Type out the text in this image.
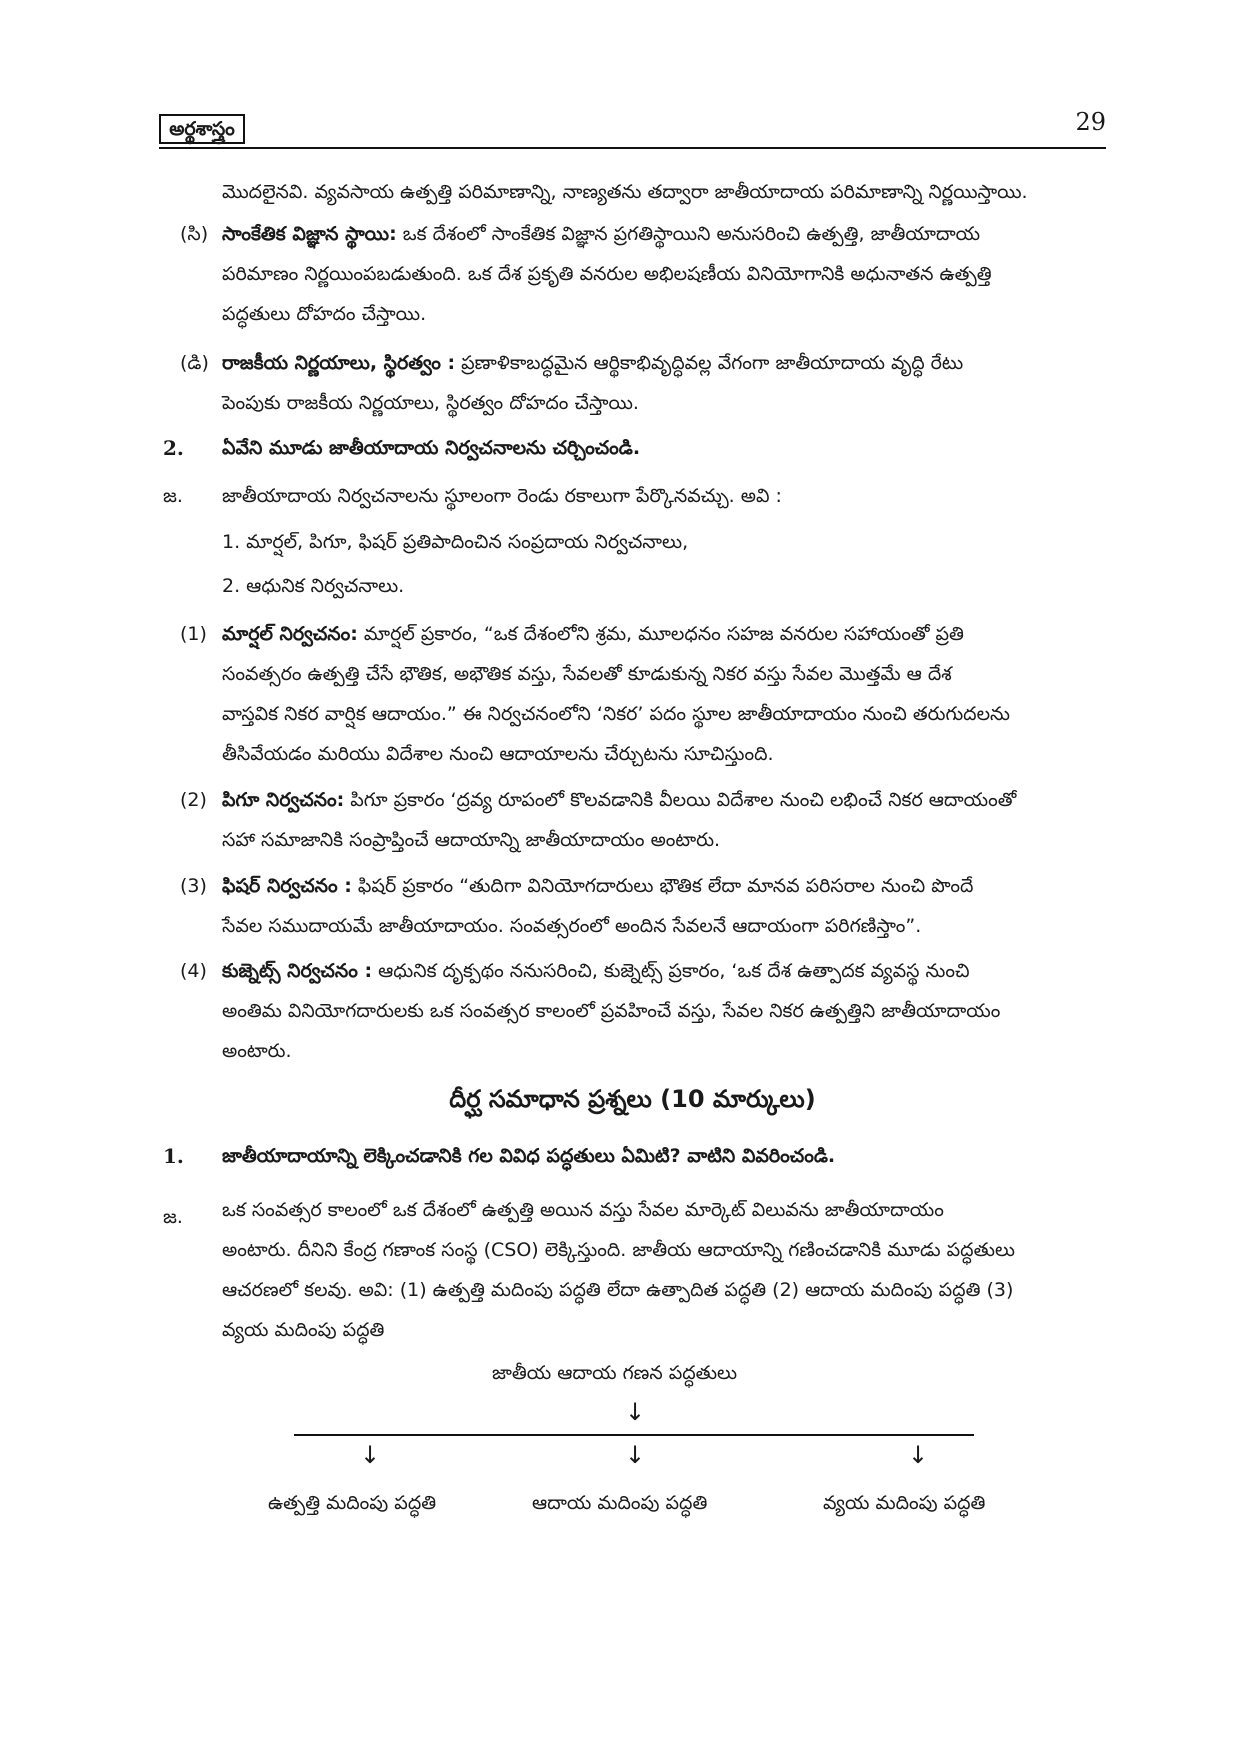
అర్థశాస్త్రం	29

మొదలైనవి. వ్యవసాయ ఉత్పత్తి పరిమాణాన్ని, నాణ్యతను తద్వారా జాతీయాదాయ పరిమాణాన్ని నిర్ణయిస్తాయి.

(సి) సాంకేతిక విజ్ఞాన స్థాయి: ఒక దేశంలో సాంకేతిక విజ్ఞాన ప్రగతిస్థాయిని అనుసరించి ఉత్పత్తి, జాతీయాదాయ

పరిమాణం నిర్ణయింపబడుతుంది. ఒక దేశ ప్రకృతి వనరుల అభిలషణీయ వినియోగానికి అధునాతన ఉత్పత్తి

పద్ధతులు దోహదం చేస్తాయి.

(డి) రాజకీయ నిర్ణయాలు, స్థిరత్వం : ప్రణాళికాబద్ధమైన ఆర్థికాభివృద్ధివల్ల వేగంగా జాతీయాదాయ వృద్ధి రేటు

పెంపుకు రాజకీయ నిర్ణయాలు, స్థిరత్వం దోహదం చేస్తాయి.

2. ఏవేని మూడు జాతీయాదాయ నిర్వచనాలను చర్చించండి.
జ. జాతీయాదాయ నిర్వచనాలను స్థూలంగా రెండు రకాలుగా పేర్కొనవచ్చు. అవి :
1. మార్షల్, పిగూ, ఫిషర్ ప్రతిపాదించిన సంప్రదాయ నిర్వచనాలు,
2. ఆధునిక నిర్వచనాలు.
(1) మార్షల్ నిర్వచనం: మార్షల్ ప్రకారం, “ఒక దేశంలోని శ్రమ, మూలధనం సహజ వనరుల సహాయంతో ప్రతి

సంవత్సరం ఉత్పత్తి చేసే భౌతిక, అభౌతిక వస్తు, సేవలతో కూడుకున్న నికర వస్తు సేవల మొత్తమే ఆ దేశ

వాస్తవిక నికర వార్షిక ఆదాయం.” ఈ నిర్వచనంలోని ‘నికర’ పదం స్థూల జాతీయాదాయం నుంచి తరుగుదలను

తీసివేయడం మరియు విదేశాల నుంచి ఆదాయాలను చేర్చుటను సూచిస్తుంది.

(2) పిగూ నిర్వచనం: పిగూ ప్రకారం ‘ద్రవ్య రూపంలో కొలవడానికి వీలయి విదేశాల నుంచి లభించే నికర ఆదాయంతో

సహా సమాజానికి సంప్రాప్తించే ఆదాయాన్ని జాతీయాదాయం అంటారు.

(3) ఫిషర్ నిర్వచనం : ఫిషర్ ప్రకారం “తుదిగా వినియోగదారులు భౌతిక లేదా మానవ పరిసరాల నుంచి పొందే

సేవల సముదాయమే జాతీయాదాయం. సంవత్సరంలో అందిన సేవలనే ఆదాయంగా పరిగణిస్తాం”.

(4) కుజ్నెట్స్ నిర్వచనం : ఆధునిక దృక్పథం ననుసరించి, కుజ్నెట్స్ ప్రకారం, ‘ఒక దేశ ఉత్పాదక వ్యవస్థ నుంచి

అంతిమ వినియోగదారులకు ఒక సంవత్సర కాలంలో ప్రవహించే వస్తు, సేవల నికర ఉత్పత్తిని జాతీయాదాయం

అంటారు.

దీర్ఘ సమాధాన ప్రశ్నలు (10 మార్కులు)
1. జాతీయాదాయాన్ని లెక్కించడానికి గల వివిధ పద్ధతులు ఏమిటి? వాటిని వివరించండి.
జ. ఒక సంవత్సర కాలంలో ఒక దేశంలో ఉత్పత్తి అయిన వస్తు సేవల మార్కెట్ విలువను జాతీయాదాయం

అంటారు. దీనిని కేంద్ర గణాంక సంస్థ (CSO) లెక్కిస్తుంది. జాతీయ ఆదాయాన్ని గణించడానికి మూడు పద్ధతులు

ఆచరణలో కలవు. అవి: (1) ఉత్పత్తి మదింపు పద్ధతి లేదా ఉత్పాదిత పద్ధతి (2) ఆదాయ మదింపు పద్ధతి (3)

వ్యయ మదింపు పద్ధతి

జాతీయ ఆదాయ గణన పద్ధతులు
↓
↓	↓	↓
ఉత్పత్తి మదింపు పద్ధతి	ఆదాయ మదింపు పద్ధతి	వ్యయ మదింపు పద్ధతి
